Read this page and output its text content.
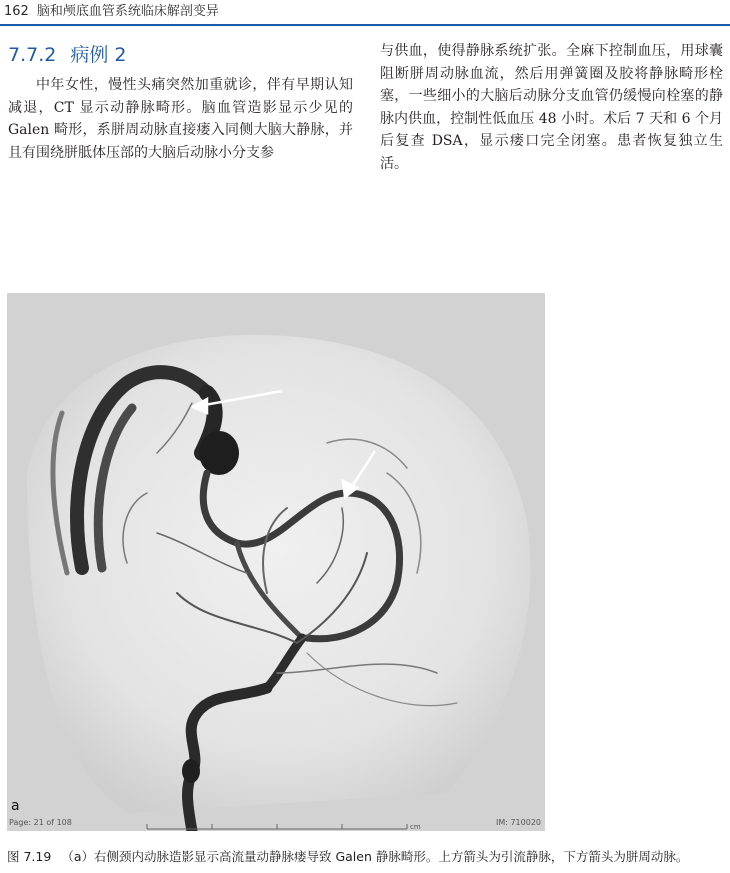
162 脑和颅底血管系统临床解剖变异
7.7.2 病例 2

中年女性，慢性头痛突然加重就诊，伴有早期认知减退，CT 显示动静脉畸形。脑血管造影显示少见的 Galen 畸形，系胼周动脉直接瘘入同侧大脑大静脉，并且有围绕胼胝体压部的大脑后动脉小分支参

与供血，使得静脉系统扩张。全麻下控制血压，用球囊阻断胼周动脉血流，然后用弹簧圈及胶将静脉畸形栓塞，一些细小的大脑后动脉分支血管仍缓慢向栓塞的静脉内供血，控制性低血压 48 小时。术后 7 天和 6 个月后复查 DSA，显示瘘口完全闭塞。患者恢复独立生活。

cm
a
Page: 21 of 108	IM: 710020
图 7.19 （a）右侧颈内动脉造影显示高流量动静脉瘘导致 Galen 静脉畸形。上方箭头为引流静脉，下方箭头为胼周动脉。
